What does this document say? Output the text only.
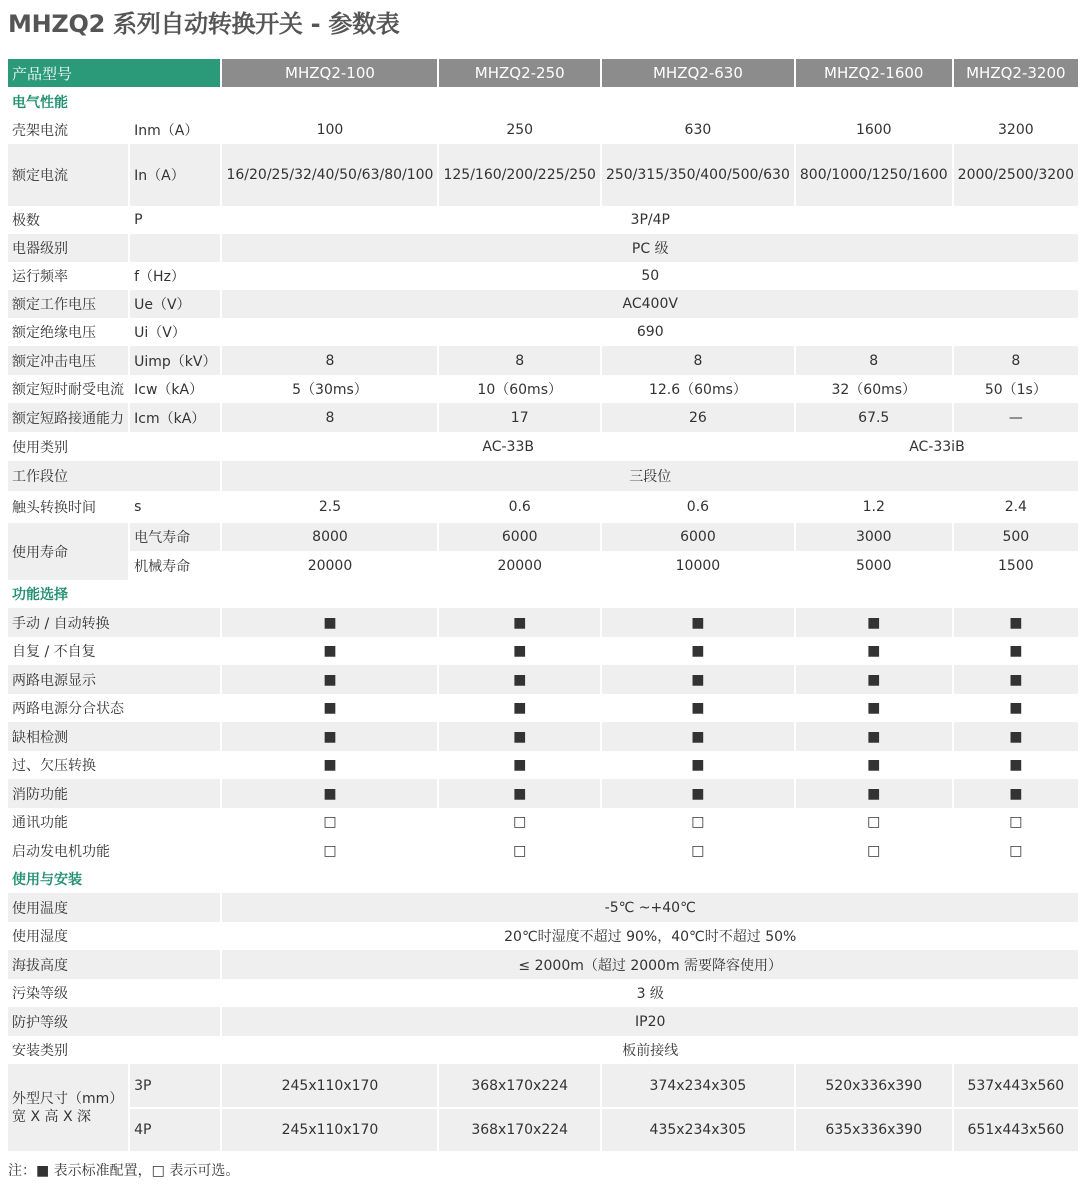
MHZQ2 系列自动转换开关 - 参数表
产品型号		MHZQ2-100	MHZQ2-250	MHZQ2-630	MHZQ2-1600	MHZQ2-3200
电气性能						
壳架电流	Inm（A）	100	250	630	1600	3200
额定电流	In（A）	16/20/25/32/40/50/63/80/100	125/160/200/225/250	250/315/350/400/500/630	800/1000/1250/1600	2000/2500/3200
极数	P	3P/4P				
电器级别		PC 级				
运行频率	f（Hz）	50				
额定工作电压	Ue（V）	AC400V				
额定绝缘电压	Ui（V）	690				
额定冲击电压	Uimp（kV）	8	8	8	8	8
额定短时耐受电流	Icw（kA）	5（30ms）	10（60ms）	12.6（60ms）	32（60ms）	50（1s）
额定短路接通能力	Icm（kA）	8	17	26	67.5	—
使用类别		AC-33B			AC-33iB	
工作段位		三段位				
触头转换时间	s	2.5	0.6	0.6	1.2	2.4
使用寿命	电气寿命	8000	6000	6000	3000	500
	机械寿命	20000	20000	10000	5000	1500
功能选择						
手动 / 自动转换		■	■	■	■	■
自复 / 不自复		■	■	■	■	■
两路电源显示		■	■	■	■	■
两路电源分合状态		■	■	■	■	■
缺相检测		■	■	■	■	■
过、欠压转换		■	■	■	■	■
消防功能		■	■	■	■	■
通讯功能		□	□	□	□	□
启动发电机功能		□	□	□	□	□
使用与安装						
使用温度		-5℃ ~+40℃				
使用湿度		20℃时湿度不超过 90%，40℃时不超过 50%				
海拔高度		≤ 2000m（超过 2000m 需要降容使用）				
污染等级		3 级				
防护等级		IP20				
安装类别		板前接线				
外型尺寸（mm）宽 X 高 X 深	3P	245x110x170	368x170x224	374x234x305	520x336x390	537x443x560
	4P	245x110x170	368x170x224	435x234x305	635x336x390	651x443x560
注：■ 表示标准配置，□ 表示可选。
